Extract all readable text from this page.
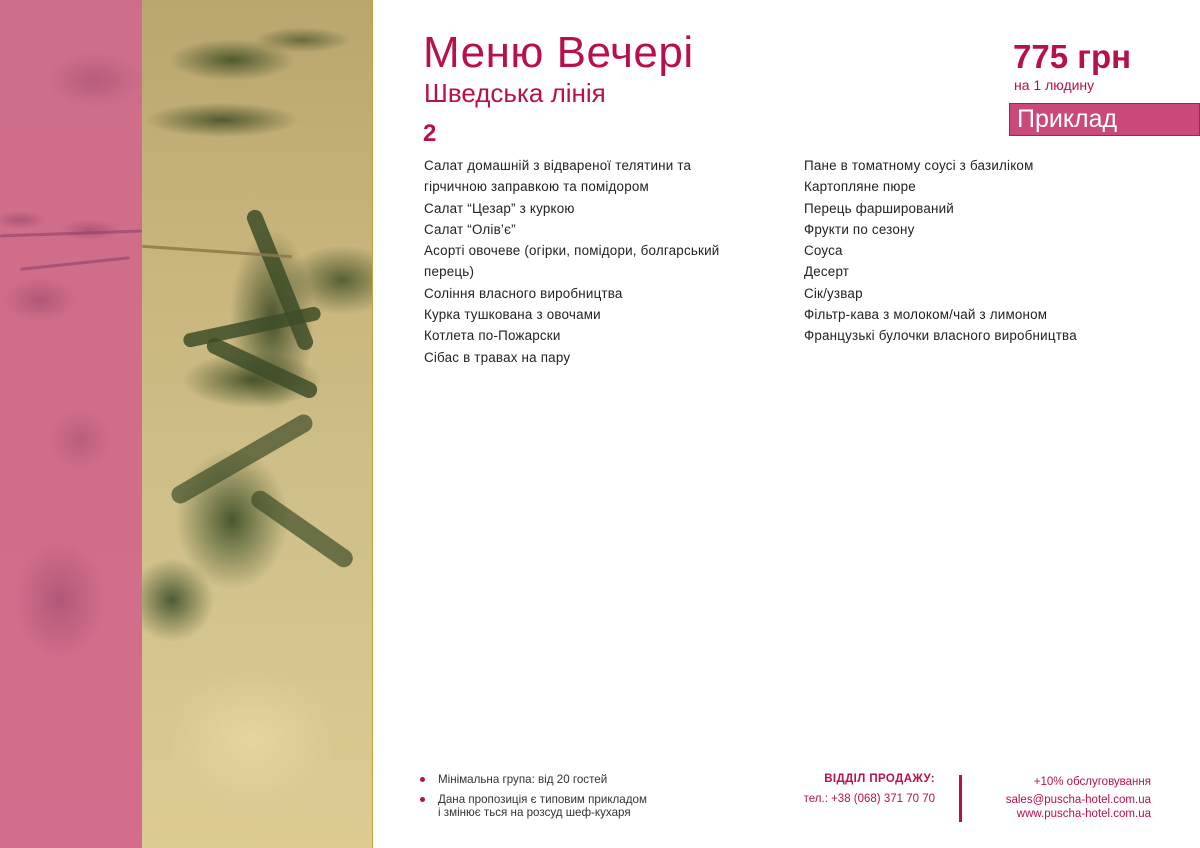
Меню Вечері
Шведська лінія
2
775 грн
на 1 людину
Приклад
Салат домашній з відвареної телятини та
гірчичною заправкою та помідором
Салат “Цезар” з куркою
Салат “Олів’є”
Асорті овочеве (огірки, помідори, болгарський
перець)
Соління власного виробництва
Курка тушкована з овочами
Котлета по-Пожарски
Сібас в травах на пару
Пане в томатному соусі з базиліком
Картопляне пюре
Перець фарширований
Фрукти по сезону
Соуса
Десерт
Сік/узвар
Фільтр-кава з молоком/чай з лимоном
Французькі булочки власного виробництва
Мінімальна група: від 20 гостей
Дана пропозиція є типовим прикладом
і змінює ться на розсуд шеф-кухаря
ВІДДІЛ ПРОДАЖУ:
тел.: +38 (068) 371 70 70
+10% обслуговування
sales@puscha-hotel.com.ua
www.puscha-hotel.com.ua
